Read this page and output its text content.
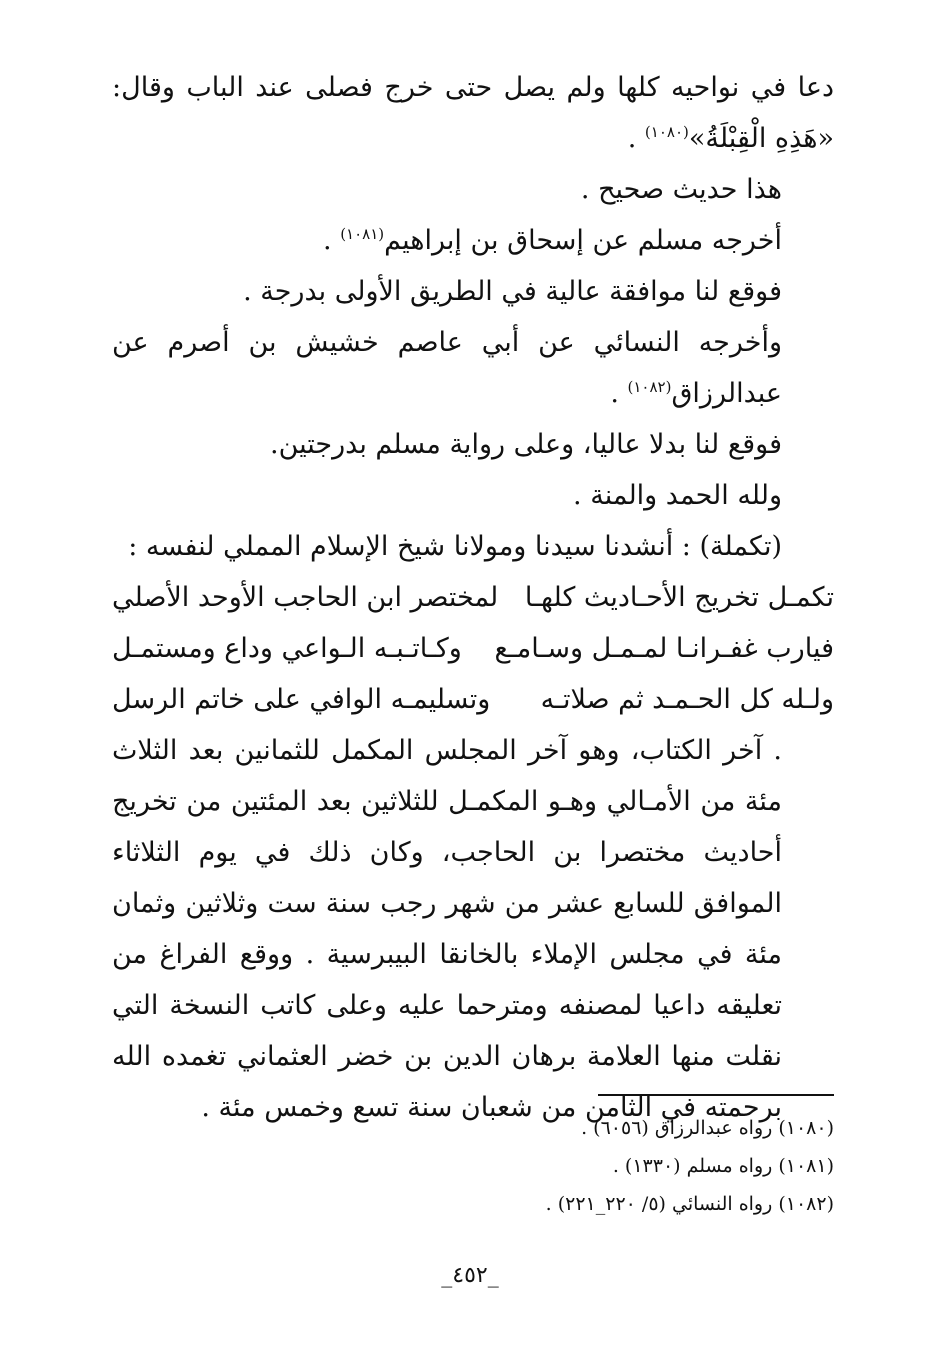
دعا في نواحيه كلها ولم يصل حتى خرج فصلى عند الباب وقال: «هَذِهِ الْقِبْلَةُ»$^{(١٠٨٠)}$ .

هذا حديث صحيح .

أخرجه مسلم عن إسحاق بن إبراهيم$^{(١٠٨١)}$ .

فوقع لنا موافقة عالية في الطريق الأولى بدرجة .

وأخرجه النسائي عن أبي عاصم خشيش بن أصرم عن عبدالرزاق$^{(١٠٨٢)}$ .

فوقع لنا بدلا عاليا، وعلى رواية مسلم بدرجتين.

ولله الحمد والمنة .

(تكملة) : أنشدنا سيدنا ومولانا شيخ الإسلام المملي لنفسه :

تكمـل تخريج الأحـاديث كلهـا
لمختصر ابن الحاجب الأوحد الأصلي
فيارب غفـرانـا لمـمـل وسـامـع
وكـاتـبـه الـواعي وداع ومستمـل
ولـله كل الحـمـد ثم صلاتـه
وتسليمـه الوافي على خاتم الرسل

. آخر الكتاب، وهو آخر المجلس المكمل للثمانين بعد الثلاث مئة من الأمـالي وهـو المكمـل للثلاثين بعد المئتين من تخريج أحاديث مختصرا بن الحاجب، وكان ذلك في يوم الثلاثاء الموافق للسابع عشر من شهر رجب سنة ست وثلاثين وثمان مئة في مجلس الإملاء بالخانقا البيبرسية . ووقع الفراغ من تعليقه داعيا لمصنفه ومترحما عليه وعلى كاتب النسخة التي نقلت منها العلامة برهان الدين بن خضر العثماني تغمده الله برحمته في الثامن من شعبان سنة تسع وخمس مئة .

(١٠٨٠) رواه عبدالرزاق (٦٠٥٦) .

(١٠٨١) رواه مسلم (١٣٣٠) .

(١٠٨٢) رواه النسائي (٥/ ٢٢٠_٢٢١) .

_٤٥٢_
